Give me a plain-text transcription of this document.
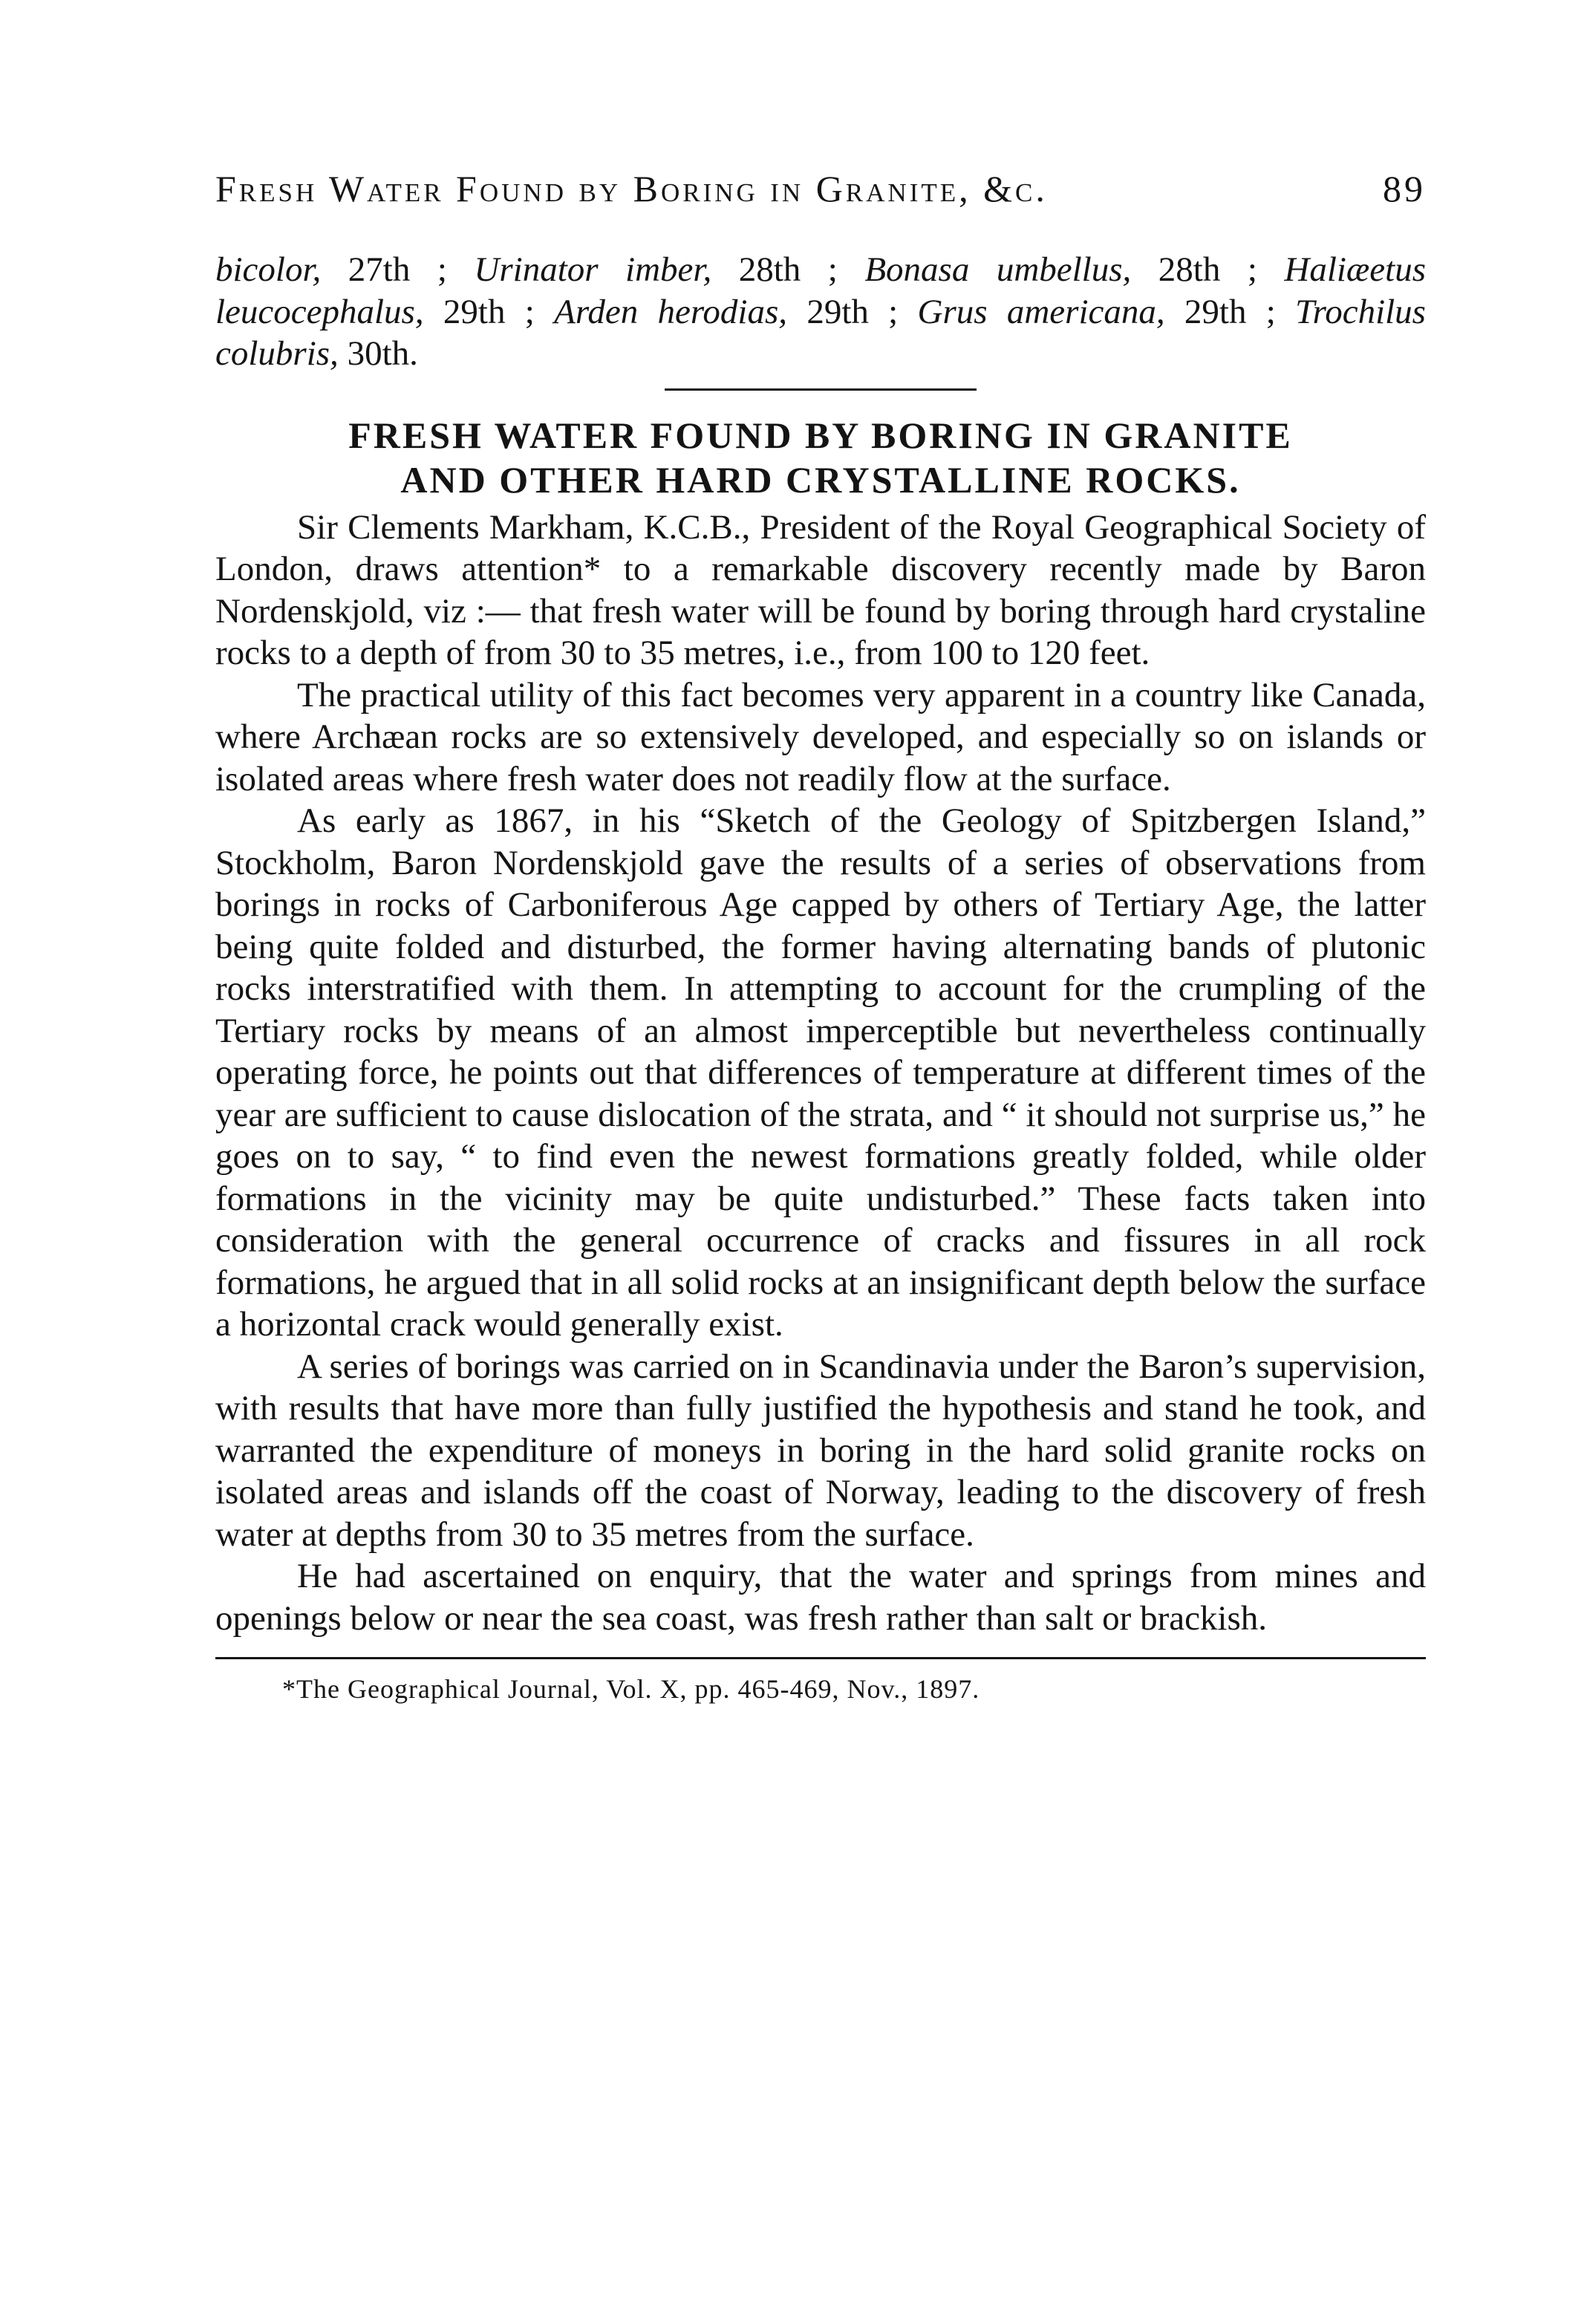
Fresh Water Found by Boring in Granite, &c.	89

bicolor, 27th ; Urinator imber, 28th ; Bonasa umbellus, 28th ; Haliæetus leucocephalus, 29th ; Arden herodias, 29th ; Grus americana, 29th ; Trochilus colubris, 30th.

FRESH WATER FOUND BY BORING IN GRANITE
AND OTHER HARD CRYSTALLINE ROCKS.

Sir Clements Markham, K.C.B., President of the Royal Geographical Society of London, draws attention* to a remarkable discovery recently made by Baron Nordenskjold, viz :— that fresh water will be found by boring through hard crystaline rocks to a depth of from 30 to 35 metres, i.e., from 100 to 120 feet.

The practical utility of this fact becomes very apparent in a country like Canada, where Archæan rocks are so extensively developed, and especially so on islands or isolated areas where fresh water does not readily flow at the surface.

As early as 1867, in his “Sketch of the Geology of Spitzbergen Island,” Stockholm, Baron Nordenskjold gave the results of a series of observations from borings in rocks of Carboniferous Age capped by others of Tertiary Age, the latter being quite folded and disturbed, the former having alternating bands of plutonic rocks interstratified with them. In attempting to account for the crumpling of the Tertiary rocks by means of an almost imperceptible but nevertheless continually operating force, he points out that differences of temperature at different times of the year are sufficient to cause dislocation of the strata, and “ it should not surprise us,” he goes on to say, “ to find even the newest formations greatly folded, while older formations in the vicinity may be quite undisturbed.” These facts taken into consideration with the general occurrence of cracks and fissures in all rock formations, he argued that in all solid rocks at an insignificant depth below the surface a horizontal crack would generally exist.

A series of borings was carried on in Scandinavia under the Baron’s supervision, with results that have more than fully justified the hypothesis and stand he took, and warranted the expenditure of moneys in boring in the hard solid granite rocks on isolated areas and islands off the coast of Norway, leading to the discovery of fresh water at depths from 30 to 35 metres from the surface.

He had ascertained on enquiry, that the water and springs from mines and openings below or near the sea coast, was fresh rather than salt or brackish.

*The Geographical Journal, Vol. X, pp. 465-469, Nov., 1897.
